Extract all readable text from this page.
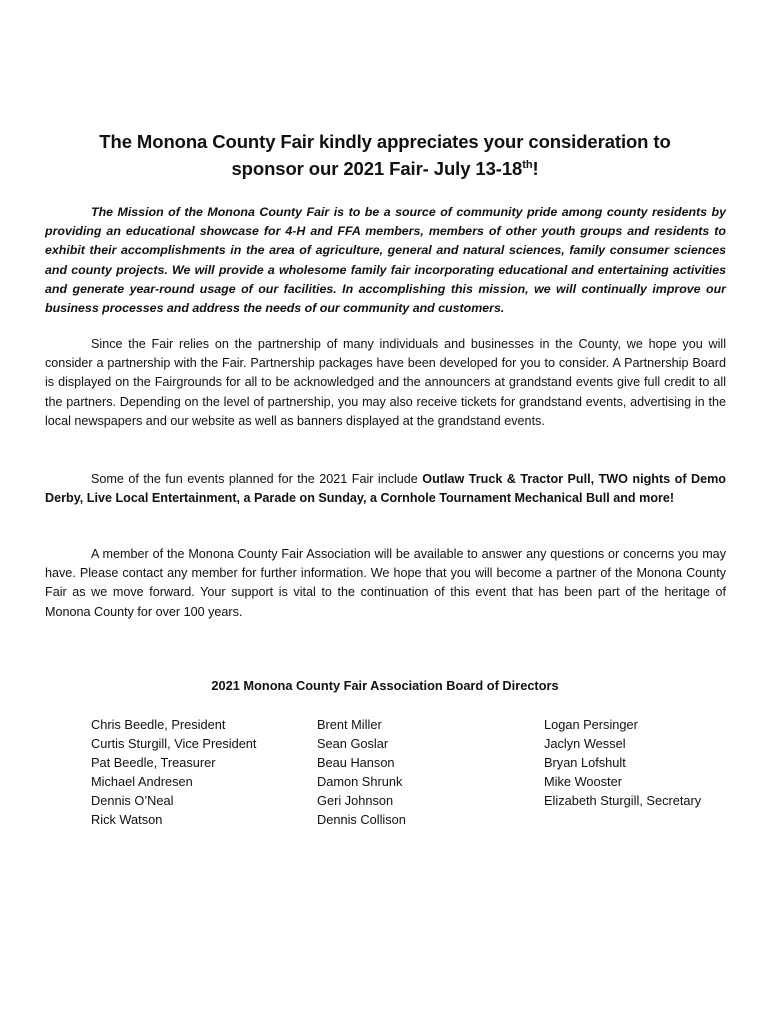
The Monona County Fair kindly appreciates your consideration to
sponsor our 2021 Fair- July 13-18th!

The Mission of the Monona County Fair is to be a source of community pride among county residents by providing an educational showcase for 4-H and FFA members, members of other youth groups and residents to exhibit their accomplishments in the area of agriculture, general and natural sciences, family consumer sciences and county projects. We will provide a wholesome family fair incorporating educational and entertaining activities and generate year-round usage of our facilities. In accomplishing this mission, we will continually improve our business processes and address the needs of our community and customers.

Since the Fair relies on the partnership of many individuals and businesses in the County, we hope you will consider a partnership with the Fair. Partnership packages have been developed for you to consider. A Partnership Board is displayed on the Fairgrounds for all to be acknowledged and the announcers at grandstand events give full credit to all the partners. Depending on the level of partnership, you may also receive tickets for grandstand events, advertising in the local newspapers and our website as well as banners displayed at the grandstand events.

Some of the fun events planned for the 2021 Fair include Outlaw Truck & Tractor Pull, TWO nights of Demo Derby, Live Local Entertainment, a Parade on Sunday, a Cornhole Tournament Mechanical Bull and more!

A member of the Monona County Fair Association will be available to answer any questions or concerns you may have. Please contact any member for further information. We hope that you will become a partner of the Monona County Fair as we move forward. Your support is vital to the continuation of this event that has been part of the heritage of Monona County for over 100 years.

2021 Monona County Fair Association Board of Directors
Chris Beedle, President
Curtis Sturgill, Vice President
Pat Beedle, Treasurer
Michael Andresen
Dennis O’Neal
Rick Watson
Brent Miller
Sean Goslar
Beau Hanson
Damon Shrunk
Geri Johnson
Dennis Collison
Logan Persinger
Jaclyn Wessel
Bryan Lofshult
Mike Wooster
Elizabeth Sturgill, Secretary
